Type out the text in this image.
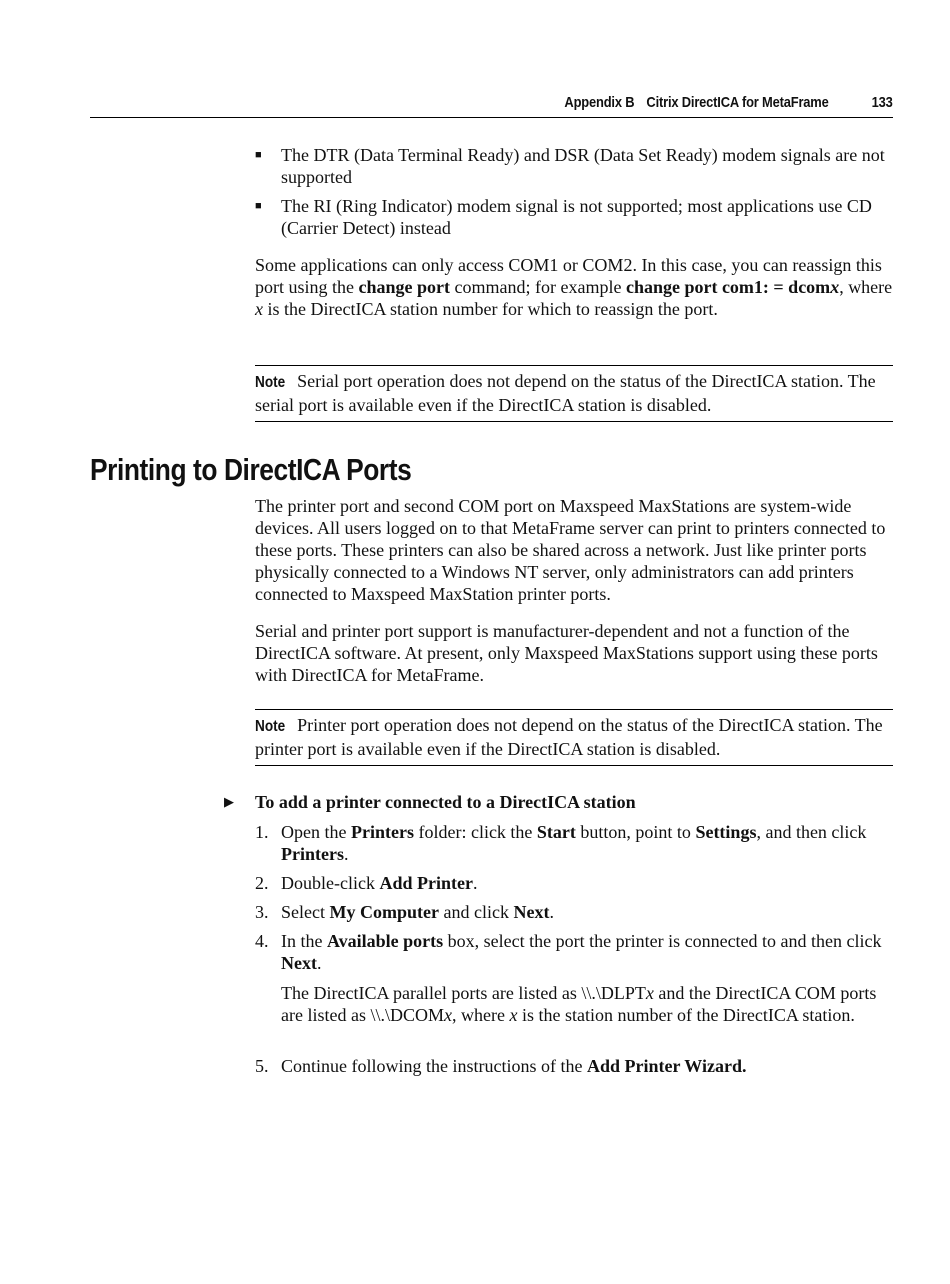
Appendix B Citrix DirectICA for MetaFrame	133
■ The DTR (Data Terminal Ready) and DSR (Data Set Ready) modem signals are not supported
■ The RI (Ring Indicator) modem signal is not supported; most applications use CD (Carrier Detect) instead
Some applications can only access COM1 or COM2. In this case, you can reassign this port using the change port command; for example change port com1: = dcomx, where x is the DirectICA station number for which to reassign the port.
Note Serial port operation does not depend on the status of the DirectICA station. The serial port is available even if the DirectICA station is disabled.
Printing to DirectICA Ports
The printer port and second COM port on Maxspeed MaxStations are system-wide devices. All users logged on to that MetaFrame server can print to printers connected to these ports. These printers can also be shared across a network. Just like printer ports physically connected to a Windows NT server, only administrators can add printers connected to Maxspeed MaxStation printer ports.
Serial and printer port support is manufacturer-dependent and not a function of the DirectICA software. At present, only Maxspeed MaxStations support using these ports with DirectICA for MetaFrame.
Note Printer port operation does not depend on the status of the DirectICA station. The printer port is available even if the DirectICA station is disabled.
▶ To add a printer connected to a DirectICA station
1. Open the Printers folder: click the Start button, point to Settings, and then click Printers.
2. Double-click Add Printer.
3. Select My Computer and click Next.
4. In the Available ports box, select the port the printer is connected to and then click Next.
The DirectICA parallel ports are listed as \\.\DLPTx and the DirectICA COM ports are listed as \\.\DCOMx, where x is the station number of the DirectICA station.
5. Continue following the instructions of the Add Printer Wizard.
